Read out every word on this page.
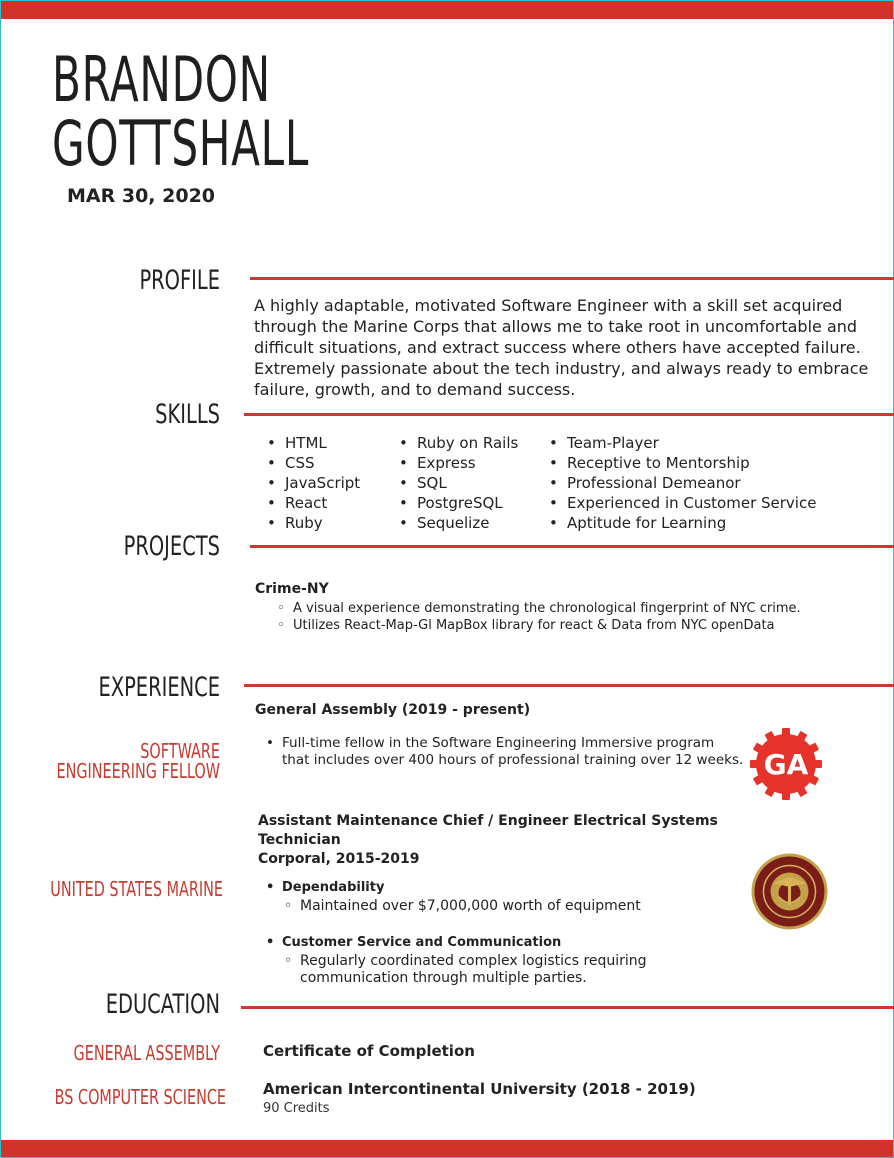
BRANDON
GOTTSHALL

MAR 30, 2020

PROFILE

A highly adaptable, motivated Software Engineer with a skill set acquired through the Marine Corps that allows me to take root in uncomfortable and difficult situations, and extract success where others have accepted failure. Extremely passionate about the tech industry, and always ready to embrace failure, growth, and to demand success.

SKILLS
• HTML
• CSS
• JavaScript
• React
• Ruby
• Ruby on Rails
• Express
• SQL
• PostgreSQL
• Sequelize
• Team-Player
• Receptive to Mentorship
• Professional Demeanor
• Experienced in Customer Service
• Aptitude for Learning
PROJECTS

Crime-NY

◦ A visual experience demonstrating the chronological fingerprint of NYC crime.
◦ Utilizes React-Map-Gl MapBox library for react & Data from NYC openData
EXPERIENCE

General Assembly (2019 - present)

SOFTWARE
ENGINEERING FELLOW
• Full-time fellow in the Software Engineering Immersive program
that includes over 400 hours of professional training over 12 weeks. GA

Assistant Maintenance Chief / Engineer Electrical Systems
Technician
Corporal, 2015-2019

UNITED STATES MARINE
•	Dependability
◦ Maintained over $7,000,000 worth of equipment
• Customer Service and Communication
◦ Regularly coordinated complex logistics requiring
communication through multiple parties.
EDUCATION
GENERAL ASSEMBLY	Certificate of Completion

BS COMPUTER SCIENCE American Intercontinental University (2018 - 2019)

90 Credits
